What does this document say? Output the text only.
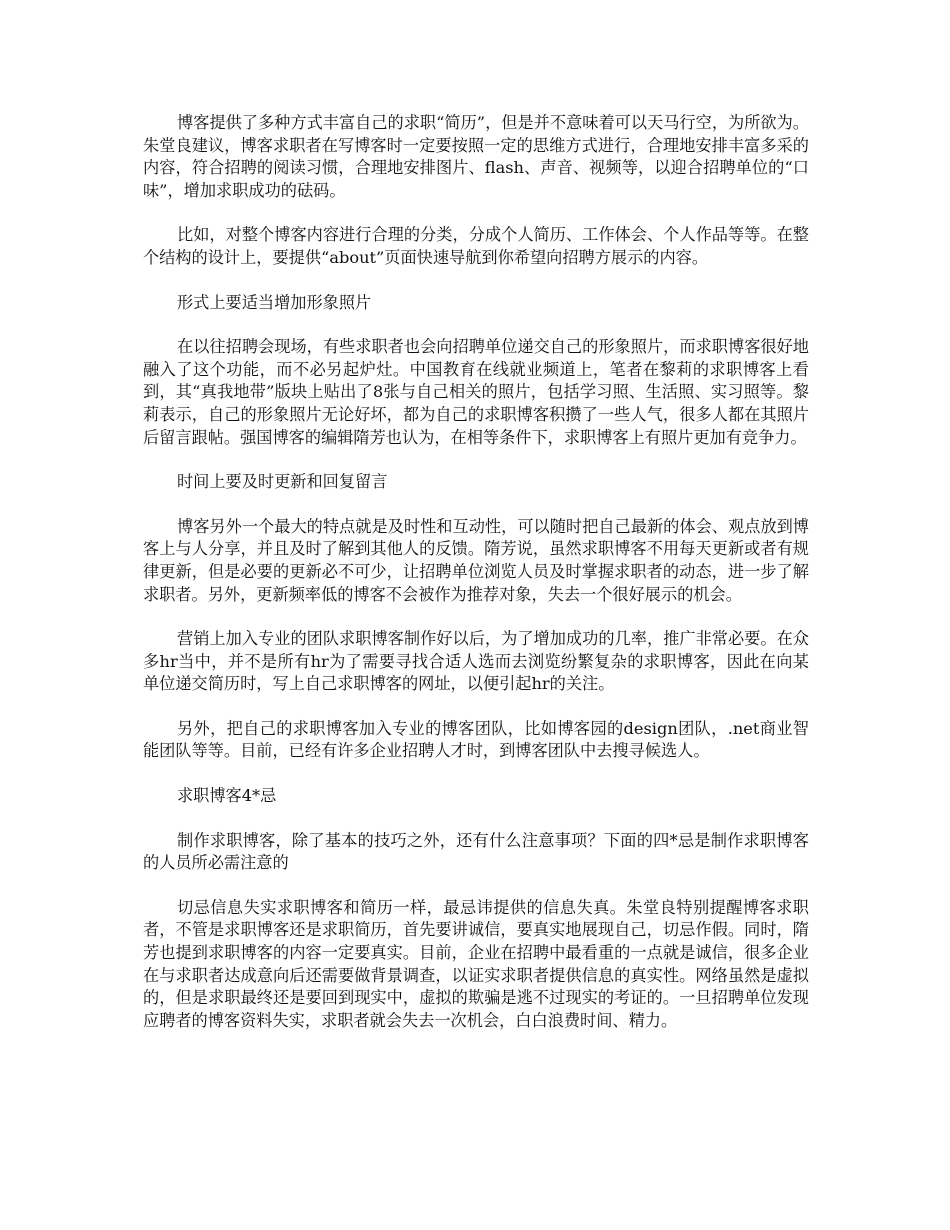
博客提供了多种方式丰富自己的求职“简历”，但是并不意味着可以天马行空，为所欲为。朱堂良建议，博客求职者在写博客时一定要按照一定的思维方式进行，合理地安排丰富多采的内容，符合招聘的阅读习惯，合理地安排图片、flash、声音、视频等，以迎合招聘单位的“口味”，增加求职成功的砝码。

比如，对整个博客内容进行合理的分类，分成个人简历、工作体会、个人作品等等。在整个结构的设计上，要提供“about”页面快速导航到你希望向招聘方展示的内容。

形式上要适当增加形象照片

在以往招聘会现场，有些求职者也会向招聘单位递交自己的形象照片，而求职博客很好地融入了这个功能，而不必另起炉灶。中国教育在线就业频道上，笔者在黎莉的求职博客上看到，其“真我地带”版块上贴出了8张与自己相关的照片，包括学习照、生活照、实习照等。黎莉表示，自己的形象照片无论好坏，都为自己的求职博客积攒了一些人气，很多人都在其照片后留言跟帖。强国博客的编辑隋芳也认为，在相等条件下，求职博客上有照片更加有竞争力。

时间上要及时更新和回复留言

博客另外一个最大的特点就是及时性和互动性，可以随时把自己最新的体会、观点放到博客上与人分享，并且及时了解到其他人的反馈。隋芳说，虽然求职博客不用每天更新或者有规律更新，但是必要的更新必不可少，让招聘单位浏览人员及时掌握求职者的动态，进一步了解求职者。另外，更新频率低的博客不会被作为推荐对象，失去一个很好展示的机会。

营销上加入专业的团队求职博客制作好以后，为了增加成功的几率，推广非常必要。在众多hr当中，并不是所有hr为了需要寻找合适人选而去浏览纷繁复杂的求职博客，因此在向某单位递交简历时，写上自己求职博客的网址，以便引起hr的关注。

另外，把自己的求职博客加入专业的博客团队，比如博客园的design团队，.net商业智能团队等等。目前，已经有许多企业招聘人才时，到博客团队中去搜寻候选人。

求职博客4*忌

制作求职博客，除了基本的技巧之外，还有什么注意事项？下面的四*忌是制作求职博客的人员所必需注意的

切忌信息失实求职博客和简历一样，最忌讳提供的信息失真。朱堂良特别提醒博客求职者，不管是求职博客还是求职简历，首先要讲诚信，要真实地展现自己，切忌作假。同时，隋芳也提到求职博客的内容一定要真实。目前，企业在招聘中最看重的一点就是诚信，很多企业在与求职者达成意向后还需要做背景调查，以证实求职者提供信息的真实性。网络虽然是虚拟的，但是求职最终还是要回到现实中，虚拟的欺骗是逃不过现实的考证的。一旦招聘单位发现应聘者的博客资料失实，求职者就会失去一次机会，白白浪费时间、精力。
